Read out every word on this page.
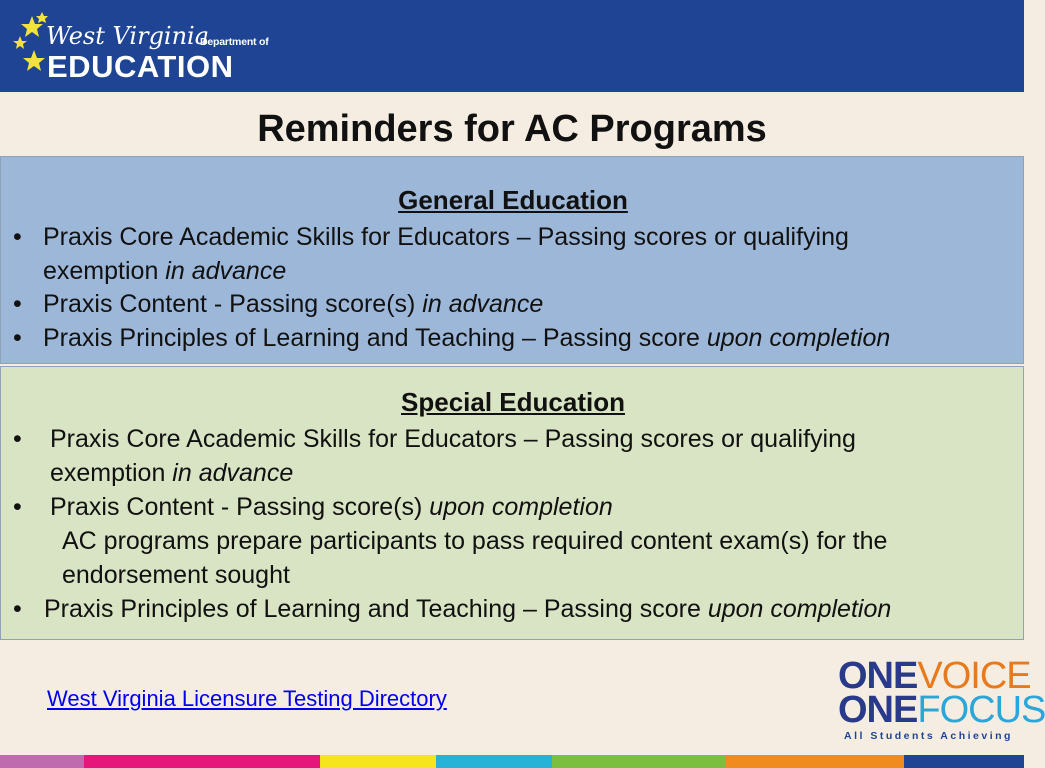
West Virginia
Department of
EDUCATION
Reminders for AC Programs
General Education
• Praxis Core Academic Skills for Educators – Passing scores or qualifying
exemption in advance
• Praxis Content - Passing score(s) in advance
• Praxis Principles of Learning and Teaching – Passing score upon completion
Special Education
• Praxis Core Academic Skills for Educators – Passing scores or qualifying
exemption in advance
• Praxis Content - Passing score(s) upon completion
AC programs prepare participants to pass required content exam(s) for the
endorsement sought
• Praxis Principles of Learning and Teaching – Passing score upon completion
West Virginia Licensure Testing Directory
ONEVOICE
ONEFOCUS
All Students Achieving
